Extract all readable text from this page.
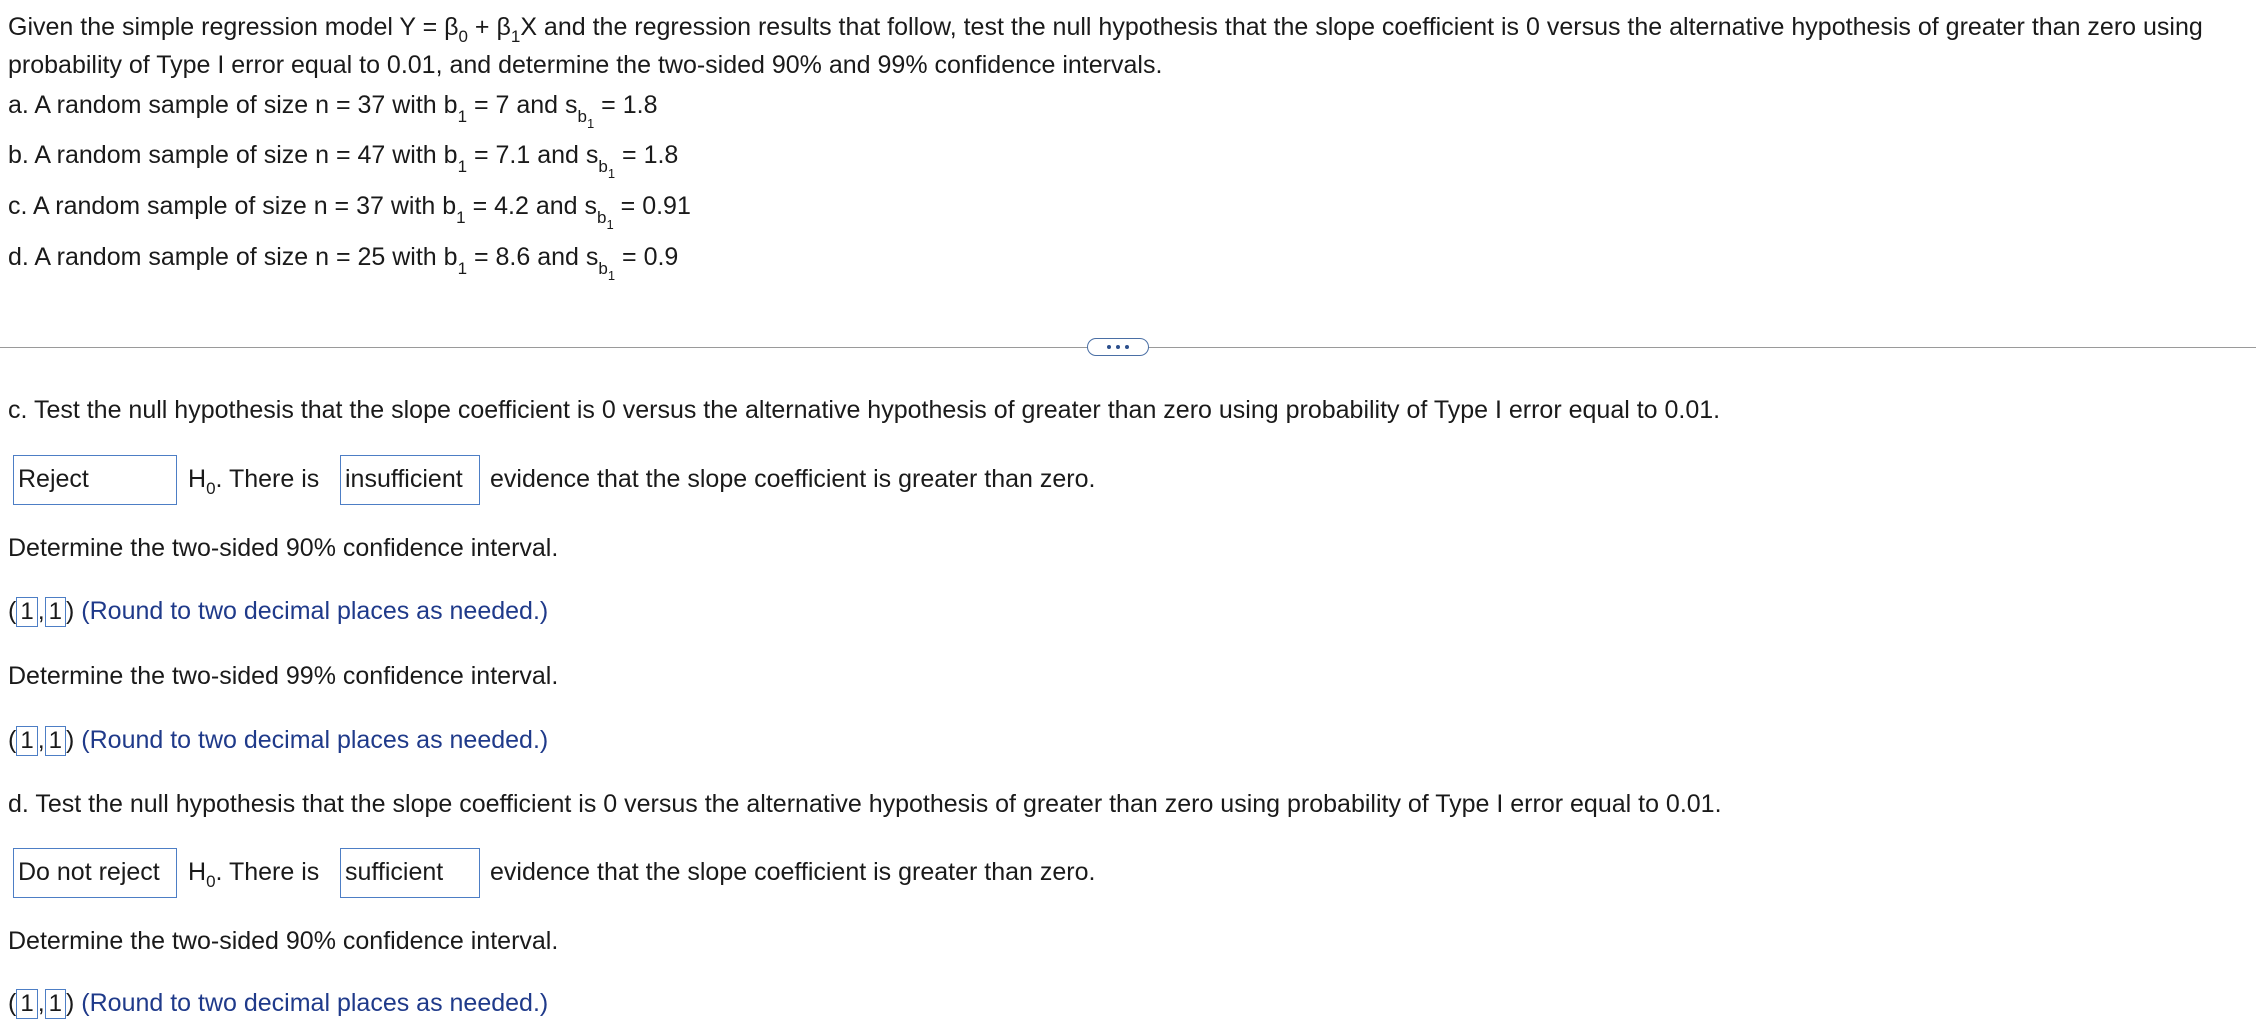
Given the simple regression model $Y = \beta_0 + \beta_1X$ and the regression results that follow, test the null hypothesis that the slope coefficient is 0 versus the alternative hypothesis of greater than zero using probability of Type I error equal to 0.01, and determine the two-sided 90% and 99% confidence intervals.
a. A random sample of size n = 37 with $b_1 = 7$ and $s_{b_1} = 1.8$
b. A random sample of size n = 47 with $b_1 = 7.1$ and $s_{b_1} = 1.8$
c. A random sample of size n = 37 with $b_1 = 4.2$ and $s_{b_1} = 0.91$
d. A random sample of size n = 25 with $b_1 = 8.6$ and $s_{b_1} = 0.9$
c. Test the null hypothesis that the slope coefficient is 0 versus the alternative hypothesis of greater than zero using probability of Type I error equal to 0.01.
Reject	$H_0$. There is insufficient	evidence that the slope coefficient is greater than zero.
Determine the two-sided 90% confidence interval.
( 1 , 1 ) (Round to two decimal places as needed.)
Determine the two-sided 99% confidence interval.
( 1 , 1 ) (Round to two decimal places as needed.)
d. Test the null hypothesis that the slope coefficient is 0 versus the alternative hypothesis of greater than zero using probability of Type I error equal to 0.01.
Do not reject	$H_0$. There is sufficient	evidence that the slope coefficient is greater than zero.
Determine the two-sided 90% confidence interval.
( 1 , 1 ) (Round to two decimal places as needed.)
